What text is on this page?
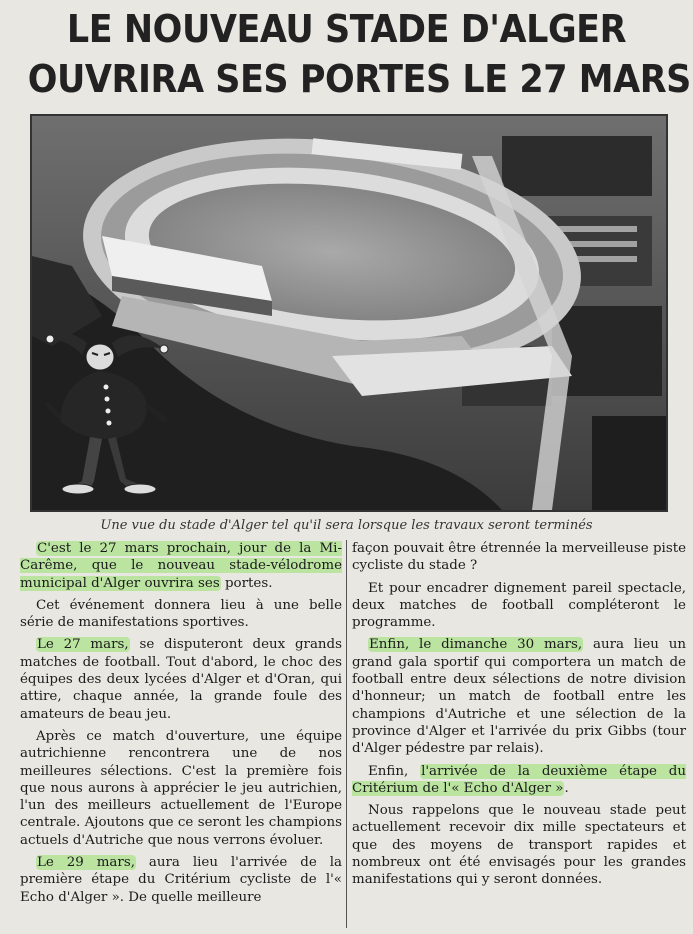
LE NOUVEAU STADE D'ALGER
OUVRIRA SES PORTES LE 27 MARS
Une vue du stade d'Alger tel qu'il sera lorsque les travaux seront terminés

C'est le 27 mars prochain, jour de la Mi-Carême, que le nouveau stade-vélodrome municipal d'Alger ouvrira ses portes.

Cet événement donnera lieu à une belle série de manifestations sportives.

Le 27 mars, se disputeront deux grands matches de football. Tout d'abord, le choc des équipes des deux lycées d'Alger et d'Oran, qui attire, chaque année, la grande foule des amateurs de beau jeu.

Après ce match d'ouverture, une équipe autrichienne rencontrera une de nos meilleures sélections. C'est la première fois que nous aurons à apprécier le jeu autrichien, l'un des meilleurs actuellement de l'Europe centrale. Ajoutons que ce seront les champions actuels d'Autriche que nous verrons évoluer.

Le 29 mars, aura lieu l'arrivée de la première étape du Critérium cycliste de l'« Echo d'Alger ». De quelle meilleure

façon pouvait être étrennée la merveilleuse piste cycliste du stade ?

Et pour encadrer dignement pareil spectacle, deux matches de football compléteront le programme.

Enfin, le dimanche 30 mars, aura lieu un grand gala sportif qui comportera un match de football entre deux sélections de notre division d'honneur; un match de football entre les champions d'Autriche et une sélection de la province d'Alger et l'arrivée du prix Gibbs (tour d'Alger pédestre par relais).

Enfin, l'arrivée de la deuxième étape du Critérium de l'« Echo d'Alger ».

Nous rappelons que le nouveau stade peut actuellement recevoir dix mille spectateurs et que des moyens de transport rapides et nombreux ont été envisagés pour les grandes manifestations qui y seront données.
